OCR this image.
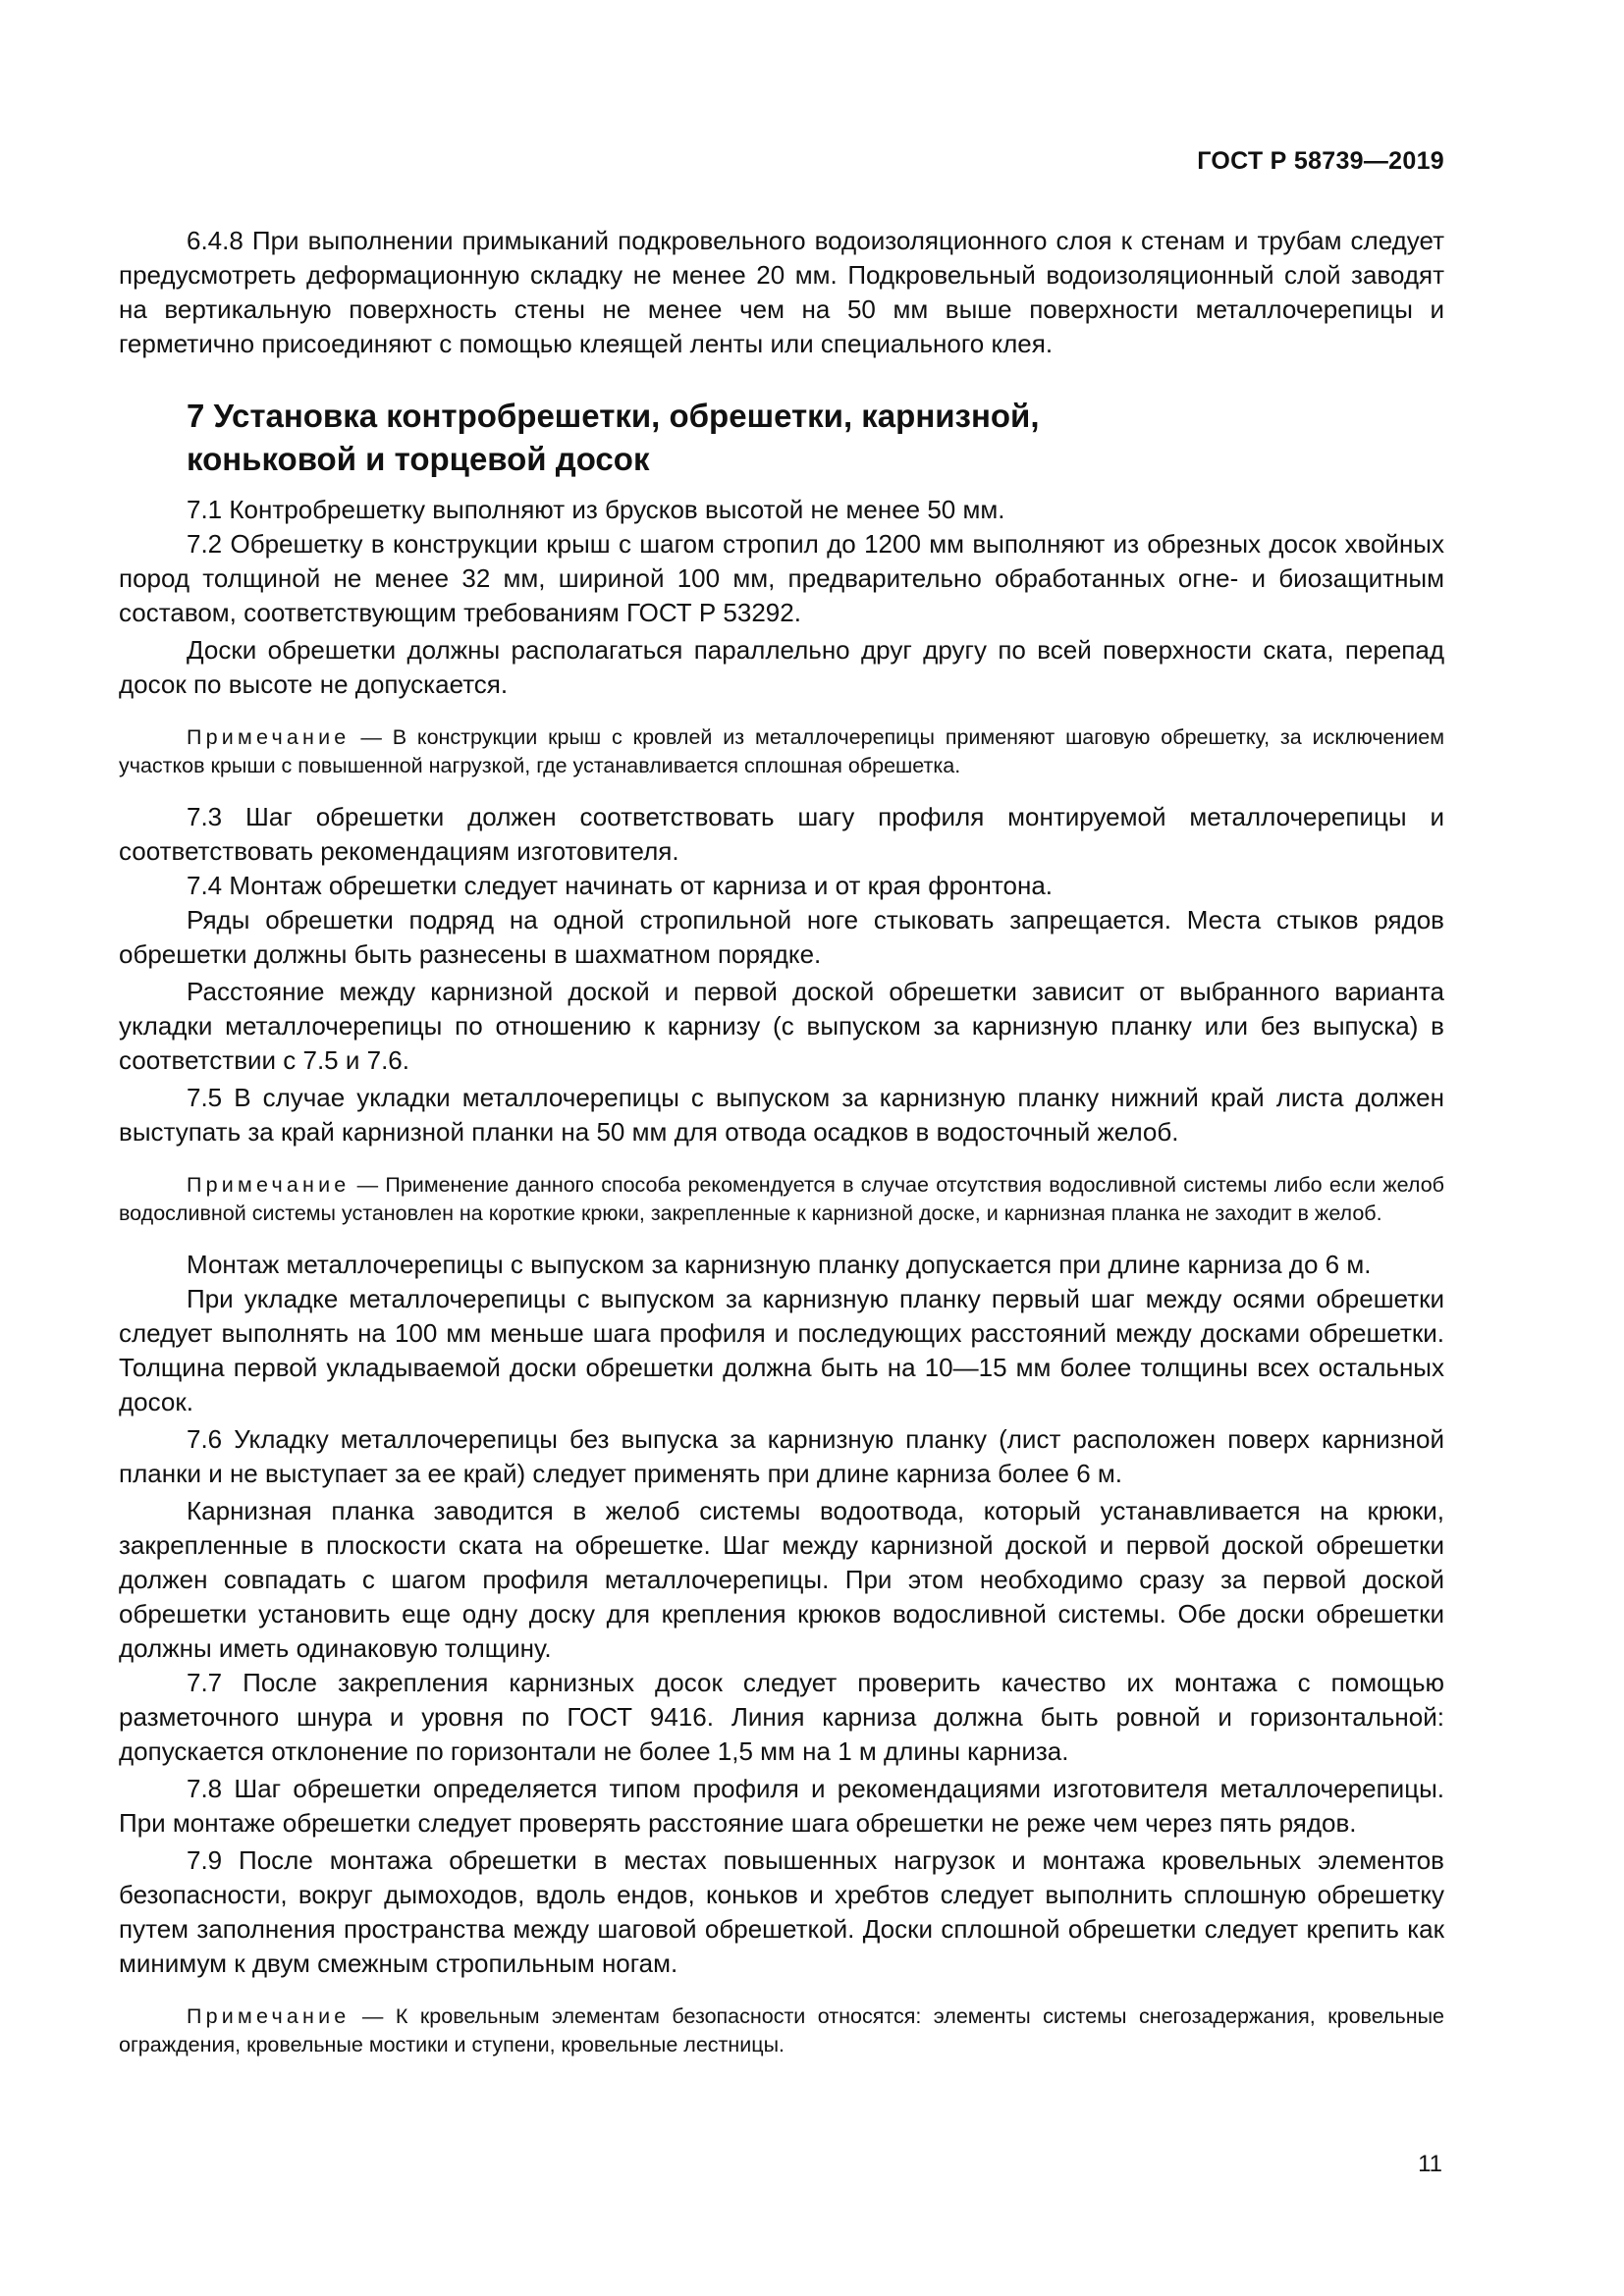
ГОСТ Р 58739—2019

6.4.8 При выполнении примыканий подкровельного водоизоляционного слоя к стенам и трубам следует предусмотреть деформационную складку не менее 20 мм. Подкровельный водоизоляционный слой заводят на вертикальную поверхность стены не менее чем на 50 мм выше поверхности металлочерепицы и герметично присоединяют с помощью клеящей ленты или специального клея.

7 Установка контробрешетки, обрешетки, карнизной,
коньковой и торцевой досок

7.1 Контробрешетку выполняют из брусков высотой не менее 50 мм.

7.2 Обрешетку в конструкции крыш с шагом стропил до 1200 мм выполняют из обрезных досок хвойных пород толщиной не менее 32 мм, шириной 100 мм, предварительно обработанных огне- и биозащитным составом, соответствующим требованиям ГОСТ Р 53292.

Доски обрешетки должны располагаться параллельно друг другу по всей поверхности ската, перепад досок по высоте не допускается.

Примечание — В конструкции крыш с кровлей из металлочерепицы применяют шаговую обрешетку, за исключением участков крыши с повышенной нагрузкой, где устанавливается сплошная обрешетка.

7.3 Шаг обрешетки должен соответствовать шагу профиля монтируемой металлочерепицы и соответствовать рекомендациям изготовителя.

7.4 Монтаж обрешетки следует начинать от карниза и от края фронтона.

Ряды обрешетки подряд на одной стропильной ноге стыковать запрещается. Места стыков рядов обрешетки должны быть разнесены в шахматном порядке.

Расстояние между карнизной доской и первой доской обрешетки зависит от выбранного варианта укладки металлочерепицы по отношению к карнизу (с выпуском за карнизную планку или без выпуска) в соответствии с 7.5 и 7.6.

7.5 В случае укладки металлочерепицы с выпуском за карнизную планку нижний край листа должен выступать за край карнизной планки на 50 мм для отвода осадков в водосточный желоб.

Примечание — Применение данного способа рекомендуется в случае отсутствия водосливной системы либо если желоб водосливной системы установлен на короткие крюки, закрепленные к карнизной доске, и карнизная планка не заходит в желоб.

Монтаж металлочерепицы с выпуском за карнизную планку допускается при длине карниза до 6 м.

При укладке металлочерепицы с выпуском за карнизную планку первый шаг между осями обрешетки следует выполнять на 100 мм меньше шага профиля и последующих расстояний между досками обрешетки. Толщина первой укладываемой доски обрешетки должна быть на 10—15 мм более толщины всех остальных досок.

7.6 Укладку металлочерепицы без выпуска за карнизную планку (лист расположен поверх карнизной планки и не выступает за ее край) следует применять при длине карниза более 6 м.

Карнизная планка заводится в желоб системы водоотвода, который устанавливается на крюки, закрепленные в плоскости ската на обрешетке. Шаг между карнизной доской и первой доской обрешетки должен совпадать с шагом профиля металлочерепицы. При этом необходимо сразу за первой доской обрешетки установить еще одну доску для крепления крюков водосливной системы. Обе доски обрешетки должны иметь одинаковую толщину.

7.7 После закрепления карнизных досок следует проверить качество их монтажа с помощью разметочного шнура и уровня по ГОСТ 9416. Линия карниза должна быть ровной и горизонтальной: допускается отклонение по горизонтали не более 1,5 мм на 1 м длины карниза.

7.8 Шаг обрешетки определяется типом профиля и рекомендациями изготовителя металлочерепицы. При монтаже обрешетки следует проверять расстояние шага обрешетки не реже чем через пять рядов.

7.9 После монтажа обрешетки в местах повышенных нагрузок и монтажа кровельных элементов безопасности, вокруг дымоходов, вдоль ендов, коньков и хребтов следует выполнить сплошную обрешетку путем заполнения пространства между шаговой обрешеткой. Доски сплошной обрешетки следует крепить как минимум к двум смежным стропильным ногам.

Примечание — К кровельным элементам безопасности относятся: элементы системы снегозадержания, кровельные ограждения, кровельные мостики и ступени, кровельные лестницы.

11
